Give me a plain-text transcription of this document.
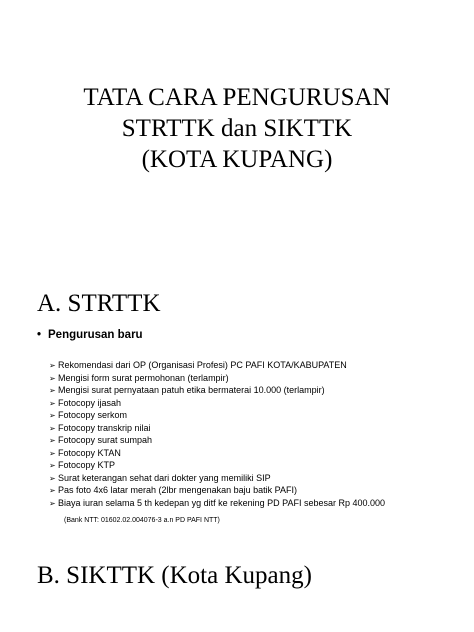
TATA CARA PENGURUSAN
STRTTK dan SIKTTK
(KOTA KUPANG)
A. STRTTK
• Pengurusan baru
➢ Rekomendasi dari OP (Organisasi Profesi) PC PAFI KOTA/KABUPATEN
➢ Mengisi form surat permohonan (terlampir)
➢ Mengisi surat pernyataan patuh etika bermaterai 10.000 (terlampir)
➢ Fotocopy ijasah
➢ Fotocopy serkom
➢ Fotocopy transkrip nilai
➢ Fotocopy surat sumpah
➢ Fotocopy KTAN
➢ Fotocopy KTP
➢ Surat keterangan sehat dari dokter yang memiliki SIP
➢ Pas foto 4x6 latar merah (2lbr mengenakan baju batik PAFI)
➢ Biaya iuran selama 5 th kedepan yg ditf ke rekening PD PAFI sebesar Rp 400.000
(Bank NTT: 01602.02.004076-3 a.n PD PAFI NTT)
B. SIKTTK (Kota Kupang)
